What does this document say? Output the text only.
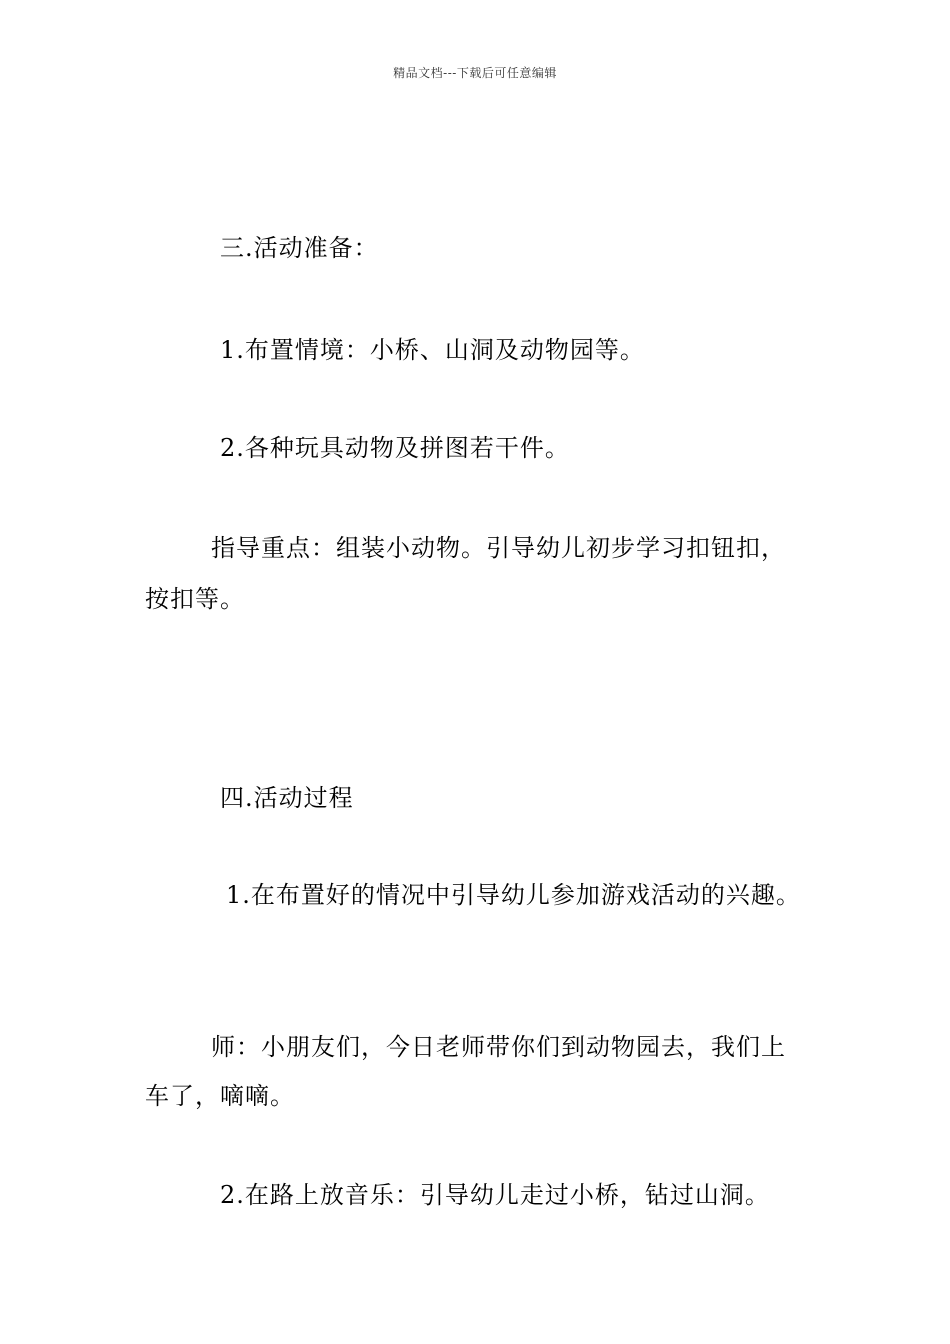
精品文档---下载后可任意编辑
三.活动准备：
1.布置情境：小桥、山洞及动物园等。
2.各种玩具动物及拼图若干件。
指导重点：组装小动物。引导幼儿初步学习扣钮扣，
按扣等。
四.活动过程
1.在布置好的情况中引导幼儿参加游戏活动的兴趣。
师：小朋友们，今日老师带你们到动物园去，我们上
车了，嘀嘀。
2.在路上放音乐：引导幼儿走过小桥，钻过山洞。
